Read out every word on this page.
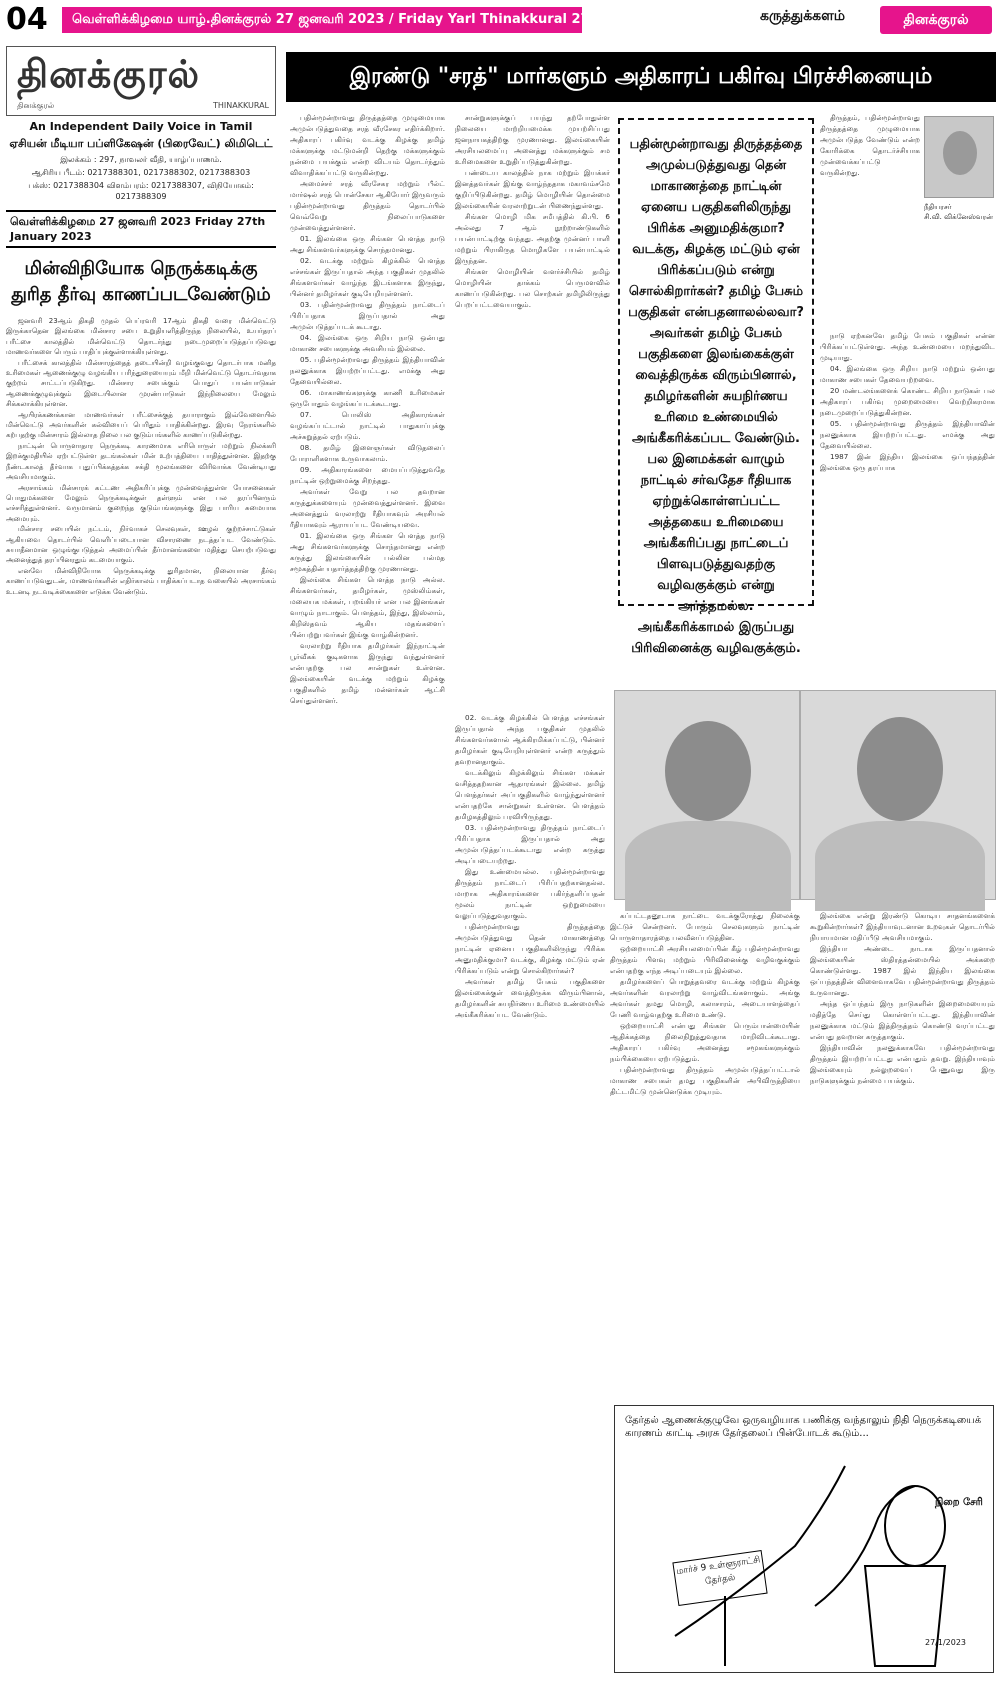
04	வெள்ளிக்கிழமை யாழ்.தினக்குரல் 27 ஜனவரி 2023 / Friday Yarl Thinakkural 27 January 2023	கருத்துக்களம்	தினக்குரல்
தினக்குரல்
தினக்குரல்	THINAKKURAL
An Independent Daily Voice in Tamil
ஏசியன் மீடியா பப்ளிகேஷன் (பிரைவேட்) லிமிடெட்
இலக்கம் : 297, நாவலர் வீதி, யாழ்ப்பாணம்.
ஆசிரிய பீடம்: 0217388301, 0217388302, 0217388303
பக்ஸ்: 0217388304 விளம்பரம்: 0217388307, விநியோகம்: 0217388309
வெள்ளிக்கிழமை 27 ஜனவரி 2023 Friday 27th January 2023
மின்விநியோக நெருக்கடிக்கு
துரித தீர்வு காணப்படவேண்டும்

ஜனவரி 23ஆம் திகதி முதல் பெப்ரவரி 17ஆம் திகதி வரை மின்வெட்டு இருக்காதென இலங்கை மின்சார சபை உறுதியளித்திருந்த நிலையில், உயர்தரப் பரீட்சை காலத்தில் மின்வெட்டு தொடர்ந்து நடைமுறைப்படுத்தப்படுவது மாணவர்களை பெரும் பாதிப்புக்குள்ளாக்கியுள்ளது.

பரீட்சைக் காலத்தில் மின்சாரத்தைத் தடையின்றி வழங்குவது தொடர்பாக மனித உரிமைகள் ஆணைக்குழு வழங்கிய பரிந்துரையையும் மீறி மின்வெட்டு தொடர்வதாக குற்றம் சாட்டப்படுகிறது. மின்சார சபைக்கும் பொதுப் பயன்பாடுகள் ஆணைக்குழுவுக்கும் இடையிலான முரண்பாடுகள் இந்நிலையை மேலும் சிக்கலாக்கியுள்ளன.

ஆயிரக்கணக்கான மாணவர்கள் பரீட்சைக்குத் தயாராகும் இவ்வேளையில் மின்வெட்டு அவர்களின் கல்வியைப் பெரிதும் பாதிக்கின்றது. இரவு நேரங்களில் கற்பதற்கு மின்சாரம் இல்லாத நிலை பல குடும்பங்களில் காணப்படுகின்றது.

நாட்டின் பொருளாதார நெருக்கடி காரணமாக எரிபொருள் மற்றும் நிலக்கரி இறக்குமதியில் ஏற்பட்டுள்ள தடங்கல்கள் மின் உற்பத்தியை பாதித்துள்ளன. இதற்கு நீண்டகாலத் தீர்வாக புதுப்பிக்கத்தக்க சக்தி மூலங்களை விரிவாக்க வேண்டியது அவசியமாகும்.

அரசாங்கம் மின்சாரக் கட்டண அதிகரிப்புக்கு முன்வைத்துள்ள யோசனைகள் பொதுமக்களை மேலும் நெருக்கடிக்குள் தள்ளும் என பல தரப்பினரும் எச்சரித்துள்ளனர். வருமானம் குறைந்த குடும்பங்களுக்கு இது பாரிய சுமையாக அமையும்.

மின்சார சபையின் நட்டம், நிர்வாகச் செலவுகள், ஊழல் குற்றச்சாட்டுகள் ஆகியவை தொடர்பில் வெளிப்படையான விசாரணை நடத்தப்பட வேண்டும். சுயாதீனமான ஒழுங்குபடுத்தல் அமைப்பின் தீர்மானங்களை மதித்து செயற்படுவது அனைத்துத் தரப்பினரதும் கடமையாகும்.

எனவே மின்விநியோக நெருக்கடிக்கு துரிதமான, நிலையான தீர்வு காணப்படுவதுடன், மாணவர்களின் எதிர்காலம் பாதிக்கப்படாத வகையில் அரசாங்கம் உடனடி நடவடிக்கைகளை எடுக்க வேண்டும்.

இரண்டு "சரத்" மார்களும் அதிகாரப் பகிர்வு பிரச்சினையும்

பதின்மூன்றாவது திருத்தத்தை முழுமையாக அமுல்படுத்துவதை சரத் வீரசேகர எதிர்க்கிறார். அதிகாரப் பகிர்வு வடக்கு கிழக்கு தமிழ் மக்களுக்கு மட்டுமன்றி தெற்கு மக்களுக்கும் நன்மை பயக்கும் என்ற விடயம் தொடர்ந்தும் விவாதிக்கப்பட்டு வருகின்றது.

அமைச்சர் சரத் வீரசேகர மற்றும் பீல்ட் மார்ஷல் சரத் பொன்சேகா ஆகியோர் இருவரும் பதின்மூன்றாவது திருத்தம் தொடர்பில் வெவ்வேறு நிலைப்பாடுகளை முன்வைத்துள்ளனர்.

01. இலங்கை ஒரு சிங்கள பௌத்த நாடு அது சிங்களவர்களுக்கு சொந்தமானது.

02. வடக்கு மற்றும் கிழக்கில் பௌத்த எச்சங்கள் இருப்பதால் அந்த பகுதிகள் முதலில் சிங்களவர்கள் வாழ்ந்த இடங்களாக இருந்து, பின்னர் தமிழர்கள் குடியேறியுள்ளனர்.

03. பதின்மூன்றாவது திருத்தம் நாட்டைப் பிரிப்பதாக இருப்பதால் அது அமுல்படுத்தப்படக் கூடாது.

04. இலங்கை ஒரு சிறிய நாடு ஒன்பது மாகாண சபைகளுக்கு அவசியம் இல்லை.

05. பதின்மூன்றாவது திருத்தம் இந்தியாவின் நலனுக்காக இயற்றப்பட்டது. எமக்கு அது தேவையில்லை.

06. மாகாணங்களுக்கு காணி உரிமைகள் ஒருபோதும் வழங்கப்படக்கூடாது.

07. பொலிஸ் அதிகாரங்கள் வழங்கப்பட்டால் நாட்டில் பாதுகாப்புக்கு அச்சுறுத்தல் ஏற்படும்.

08. தமிழ் இளைஞர்கள் விடுதலைப் போராளிகளாக உருவாகலாம்.

09. அதிகாரங்களை மையப்படுத்துவதே நாட்டின் ஒற்றுமைக்கு சிறந்தது.

அவர்கள் வேறு பல தவறான கருத்துக்களையும் முன்வைத்துள்ளனர். இவை அனைத்தும் வரலாற்று ரீதியாகவும் அரசியல் ரீதியாகவும் ஆராயப்பட வேண்டியவை.

01. இலங்கை ஒரு சிங்கள பௌத்த நாடு அது சிங்களவர்களுக்கு சொந்தமானது என்ற கருத்து இலங்கையின் பல்லின பல்மத சமூகத்தின் யதார்த்தத்திற்கு முரணானது.

இலங்கை சிங்கள பௌத்த நாடு அல்ல. சிங்களவர்கள், தமிழர்கள், முஸ்லிம்கள், மலையக மக்கள், பறங்கியர் என பல இனங்கள் வாழும் நாடாகும். பௌத்தம், இந்து, இஸ்லாம், கிறிஸ்தவம் ஆகிய மதங்களைப் பின்பற்றுபவர்கள் இங்கு வாழ்கின்றனர்.

வரலாற்று ரீதியாக தமிழர்கள் இந்நாட்டின் பூர்வீகக் குடிகளாக இருந்து வந்துள்ளனர் என்பதற்கு பல சான்றுகள் உள்ளன. இலங்கையின் வடக்கு மற்றும் கிழக்கு பகுதிகளில் தமிழ் மன்னர்கள் ஆட்சி செய்துள்ளனர்.

சான்றுகளுக்குப் பயந்து தற்போதுள்ள நிலையை மாற்றியமைக்க முயற்சிப்பது ஜனநாயகத்திற்கு முரணானது. இலங்கையின் அரசியலமைப்பு அனைத்து மக்களுக்கும் சம உரிமைகளை உறுதிப்படுத்துகின்றது.

பண்டைய காலத்தில் நாக மற்றும் இயக்கர் இனத்தவர்கள் இங்கு வாழ்ந்ததாக மகாவம்சமே குறிப்பிடுகின்றது. தமிழ் மொழியின் தொன்மை இலங்கையின் வரலாற்றுடன் பிணைந்துள்ளது.

சிங்கள மொழி மிக சமீபத்தில் கி.பி. 6 அல்லது 7 ஆம் நூற்றாண்டுகளில் பயன்பாட்டிற்கு வந்தது. அதற்கு முன்னர் பாளி மற்றும் பிராகிருத மொழிகளே பயன்பாட்டில் இருந்தன.

சிங்கள மொழியின் வளர்ச்சியில் தமிழ் மொழியின் தாக்கம் பெருமளவில் காணப்படுகின்றது. பல சொற்கள் தமிழிலிருந்து பெறப்பட்டவையாகும்.

02. வடக்கு கிழக்கில் பௌத்த எச்சங்கள் இருப்பதால் அந்த பகுதிகள் முதலில் சிங்களவர்களால் ஆக்கிரமிக்கப்பட்டு, பின்னர் தமிழர்கள் குடியேறியுள்ளனர் என்ற கருத்தும் தவறானதாகும்.

வடக்கிலும் கிழக்கிலும் சிங்கள மக்கள் வசித்ததற்கான ஆதாரங்கள் இல்லை. தமிழ் பௌத்தர்கள் அப்பகுதிகளில் வாழ்ந்துள்ளனர் என்பதற்கே சான்றுகள் உள்ளன. பௌத்தம் தமிழகத்திலும் பரவியிருந்தது.

03. பதின்மூன்றாவது திருத்தம் நாட்டைப் பிரிப்பதாக இருப்பதால் அது அமுல்படுத்தப்படக்கூடாது என்ற கருத்து அடிப்படையற்றது.

இது உண்மையல்ல. பதின்மூன்றாவது திருத்தம் நாட்டைப் பிரிப்பதற்கானதல்ல. மாறாக அதிகாரங்களை பகிர்ந்தளிப்பதன் மூலம் நாட்டின் ஒற்றுமையை வலுப்படுத்துவதாகும்.

பதின்மூன்றாவது திருத்தத்தை அமுல்படுத்துவது தென் மாகாணத்தை நாட்டின் ஏனைய பகுதிகளிலிருந்து பிரிக்க அனுமதிக்குமா? வடக்கு, கிழக்கு மட்டும் ஏன் பிரிக்கப்படும் என்று சொல்கிறார்கள்?

அவர்கள் தமிழ் பேசும் பகுதிகளை இலங்கைக்குள் வைத்திருக்க விரும்பினால், தமிழர்களின் சுயநிர்ணய உரிமை உண்மையில் அங்கீகரிக்கப்பட வேண்டும்.

பதின்மூன்றாவது திருத்தத்தை அமுல்படுத்துவது தென் மாகாணத்தை நாட்டின் ஏனைய பகுதிகளிலிருந்து பிரிக்க அனுமதிக்குமா? வடக்கு, கிழக்கு மட்டும் ஏன் பிரிக்கப்படும் என்று சொல்கிறார்கள்? தமிழ் பேசும் பகுதிகள் என்பதனாலல்லவா? அவர்கள் தமிழ் பேசும் பகுதிகளை இலங்கைக்குள் வைத்திருக்க விரும்பினால், தமிழர்களின் சுயநிர்ணய உரிமை உண்மையில் அங்கீகரிக்கப்பட வேண்டும். பல இனமக்கள் வாழும் நாட்டில் சர்வதேச ரீதியாக ஏற்றுக்கொள்ளப்பட்ட அத்தகைய உரிமையை அங்கீகரிப்பது நாட்டைப் பிளவுபடுத்துவதற்கு வழிவகுக்கும் என்று அர்த்தமல்ல. அங்கீகரிக்காமல் இருப்பது பிரிவினைக்கு வழிவகுக்கும்.
நீதியரசர்
சி.வி. விக்னேஸ்வரன்

திருத்தம், பதின்மூன்றாவது திருத்தத்தை முழுமையாக அமுல்படுத்த வேண்டும் என்ற கோரிக்கை தொடர்ச்சியாக முன்வைக்கப்பட்டு வருகின்றது.

நாடு ஏற்கனவே தமிழ் பேசும் பகுதிகள் என்ன பிரிக்கப்பட்டுள்ளது. அந்த உண்மையை மறந்துவிட முடியாது.

04. இலங்கை ஒரு சிறிய நாடு மற்றும் ஒன்பது மாகாண சபைகள் தேவையற்றவை.

20 மண்டலங்களைக் கொண்ட சிறிய நாடுகள் பல அதிகாரப் பகிர்வு முறைமையை வெற்றிகரமாக நடைமுறைப்படுத்துகின்றன.

05. பதின்மூன்றாவது திருத்தம் இந்தியாவின் நலனுக்காக இயற்றப்பட்டது. எமக்கு அது தேவையில்லை.

1987 இன் இந்திய இலங்கை ஒப்பந்தத்தின் இலங்கை ஒரு தரப்பாக

கப்பட்டதனூடாக நாட்டை வடக்குரோத்து நிலைக்கு இட்டுச் சென்றனர். போரும் செலவுகளும் நாட்டின் பொருளாதாரத்தை பலவீனப்படுத்தின.

ஒற்றையாட்சி அரசியலமைப்பின் கீழ் பதின்மூன்றாவது திருத்தம் பிளவு மற்றும் பிரிவினைக்கு வழிவகுக்கும் என்பதற்கு எந்த அடிப்படையும் இல்லை.

தமிழர்களைப் பொறுத்தவரை வடக்கு மற்றும் கிழக்கு அவர்களின் வரலாற்று வாழ்விடங்களாகும். அங்கு அவர்கள் தமது மொழி, கலாசாரம், அடையாளத்தைப் பேணி வாழ்வதற்கு உரிமை உண்டு.

ஒற்றையாட்சி என்பது சிங்கள பெரும்பான்மையின் ஆதிக்கத்தை நிலைநிறுத்துவதாக மாறிவிடக்கூடாது. அதிகாரப் பகிர்வு அனைத்து சமூகங்களுக்கும் நம்பிக்கையை ஏற்படுத்தும்.

பதின்மூன்றாவது திருத்தம் அமுல்படுத்தப்பட்டால் மாகாண சபைகள் தமது பகுதிகளின் அபிவிருத்தியை திட்டமிட்டு முன்னெடுக்க முடியும்.

இலங்கை என்று இரண்டு கொடிய சாதனங்களைக் கூறுகின்றார்கள்? இந்தியாவுடனான உறவுகள் தொடர்பில் நியாயமான மதிப்பீடு அவசியமாகும்.

இந்தியா அண்டை நாடாக இருப்பதனால் இலங்கையின் ஸ்திரத்தன்மையில் அக்கறை கொண்டுள்ளது. 1987 இல் இந்திய இலங்கை ஒப்பந்தத்தின் விளைவாகவே பதின்மூன்றாவது திருத்தம் உருவானது.

அந்த ஒப்பந்தம் இரு நாடுகளின் இறைமையையும் மதித்தே செய்து கொள்ளப்பட்டது. இந்தியாவின் நலனுக்காக மட்டும் இத்திருத்தம் கொண்டு வரப்பட்டது என்பது தவறான கருத்தாகும்.

இந்தியாவின் நலனுக்காகவே பதின்மூன்றாவது திருத்தம் இயற்றப்பட்டது என்பதும் தவறு. இந்தியாவும் இலங்கையும் நல்லுறவைப் பேணுவது இரு நாடுகளுக்கும் நன்மை பயக்கும்.

தேர்தல் ஆணைக்குழுவே ஒருவழியாக பணிக்கு வந்தாலும் நிதி நெருக்கடியைக் காரணம் காட்டி அரசு தேர்தலைப் பின்போடக் கூடும்...
மார்ச் 9 உள்ளூராட்சி தேர்தல்
நிறை சேரி
27/1/2023
